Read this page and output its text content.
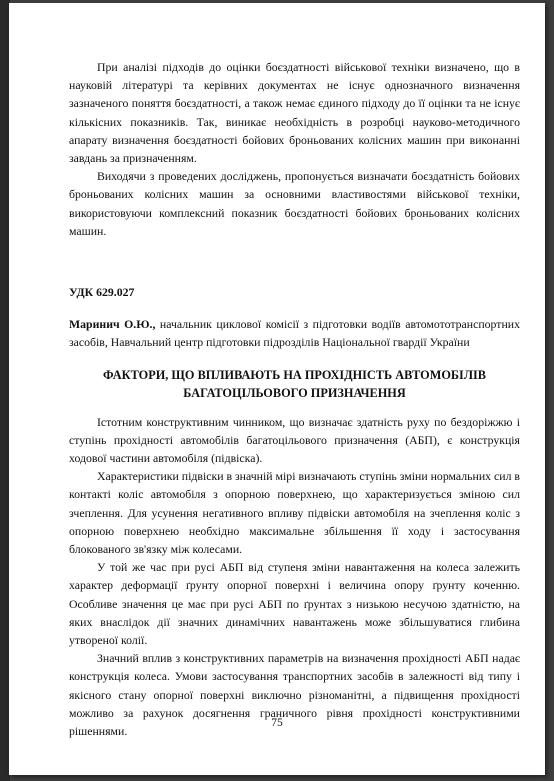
При аналізі підходів до оцінки боєздатності військової техніки визначено, що в науковій літературі та керівних документах не існує однозначного визначення зазначеного поняття боєздатності, а також немає єдиного підходу до її оцінки та не існує кількісних показників. Так, виникає необхідність в розробці науково-методичного апарату визначення боєздатності бойових броньованих колісних машин при виконанні завдань за призначенням.

Виходячи з проведених досліджень, пропонується визначати боєздатність бойових броньованих колісних машин за основними властивостями військової техніки, використовуючи комплексний показник боєздатності бойових броньованих колісних машин.

УДК 629.027

Маринич О.Ю., начальник циклової комісії з підготовки водіїв автомототранспортних засобів, Навчальний центр підготовки підрозділів Національної гвардії України

ФАКТОРИ, ЩО ВПЛИВАЮТЬ НА ПРОХІДНІСТЬ АВТОМОБІЛІВ БАГАТОЦІЛЬОВОГО ПРИЗНАЧЕННЯ

Істотним конструктивним чинником, що визначає здатність руху по бездоріжжю і ступінь прохідності автомобілів багатоцільового призначення (АБП), є конструкція ходової частини автомобіля (підвіска).

Характеристики підвіски в значній мірі визначають ступінь зміни нормальних сил в контакті коліс автомобіля з опорною поверхнею, що характеризується зміною сил зчеплення. Для усунення негативного впливу підвіски автомобіля на зчеплення коліс з опорною поверхнею необхідно максимальне збільшення її ходу і застосування блокованого зв'язку між колесами.

У той же час при русі АБП від ступеня зміни навантаження на колеса залежить характер деформації ґрунту опорної поверхні і величина опору ґрунту коченню. Особливе значення це має при русі АБП по ґрунтах з низькою несучою здатністю, на яких внаслідок дії значних динамічних навантажень може збільшуватися глибина утвореної колії.

Значний вплив з конструктивних параметрів на визначення прохідності АБП надає конструкція колеса. Умови застосування транспортних засобів в залежності від типу і якісного стану опорної поверхні виключно різноманітні, а підвищення прохідності можливо за рахунок досягнення граничного рівня прохідності конструктивними рішеннями.

75
